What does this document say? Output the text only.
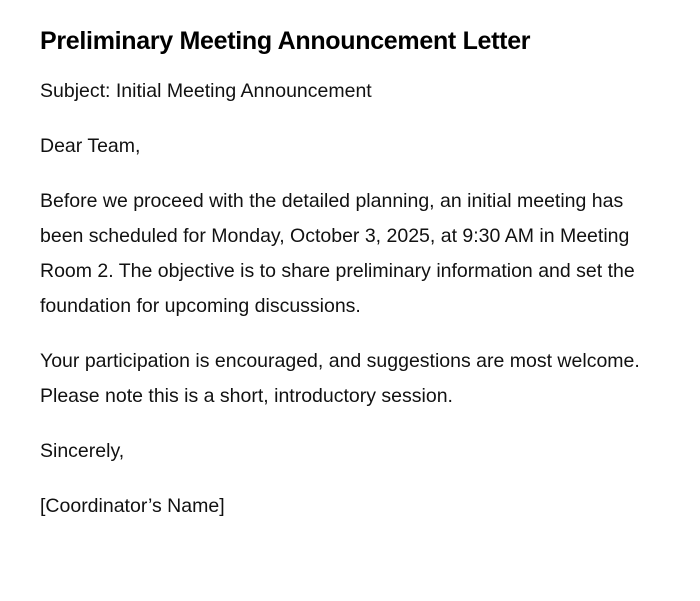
Preliminary Meeting Announcement Letter

Subject: Initial Meeting Announcement

Dear Team,

Before we proceed with the detailed planning, an initial meeting has been scheduled for Monday, October 3, 2025, at 9:30 AM in Meeting Room 2. The objective is to share preliminary information and set the foundation for upcoming discussions.

Your participation is encouraged, and suggestions are most welcome. Please note this is a short, introductory session.

Sincerely,

[Coordinator’s Name]
